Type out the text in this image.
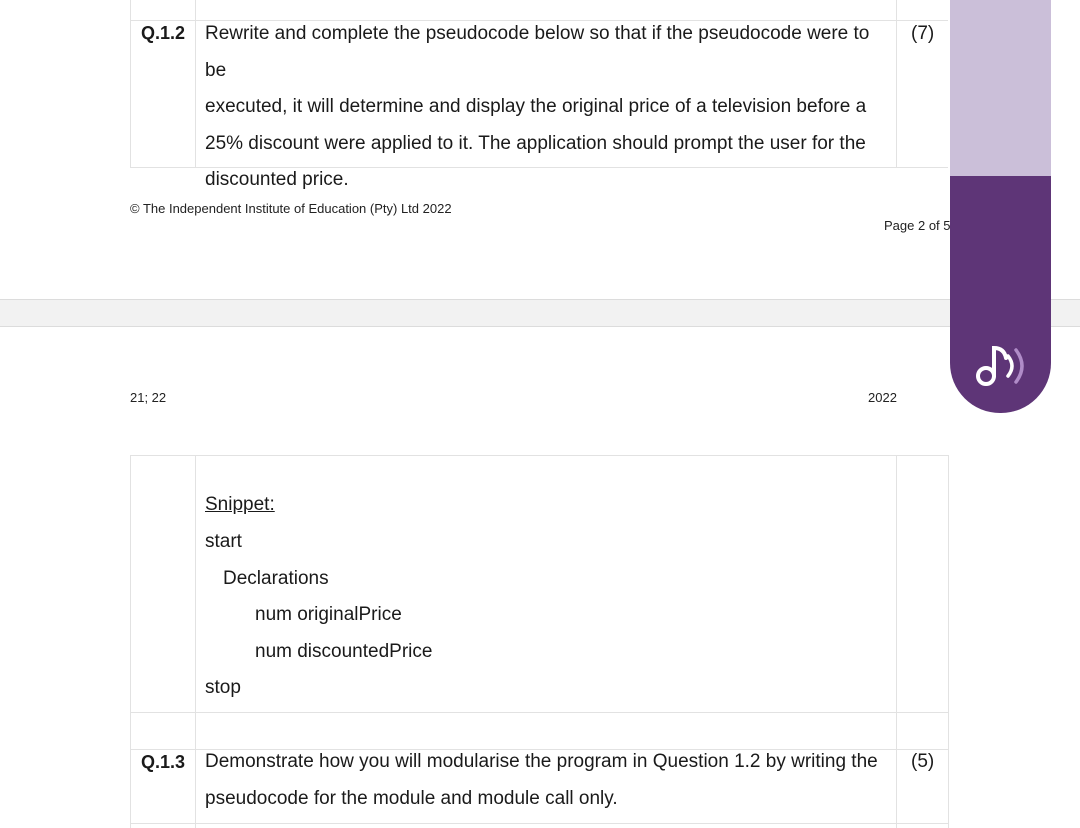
Q.1.2 Rewrite and complete the pseudocode below so that if the pseudocode were to be
executed, it will determine and display the original price of a television before a
25% discount were applied to it. The application should prompt the user for the
discounted price.
(7)
© The Independent Institute of Education (Pty) Ltd 2022
Page 2 of 5
21; 22	2022
Snippet:
start
Declarations
num originalPrice
num discountedPrice
stop
Q.1.3 Demonstrate how you will modularise the program in Question 1.2 by writing the
pseudocode for the module and module call only.
(5)
